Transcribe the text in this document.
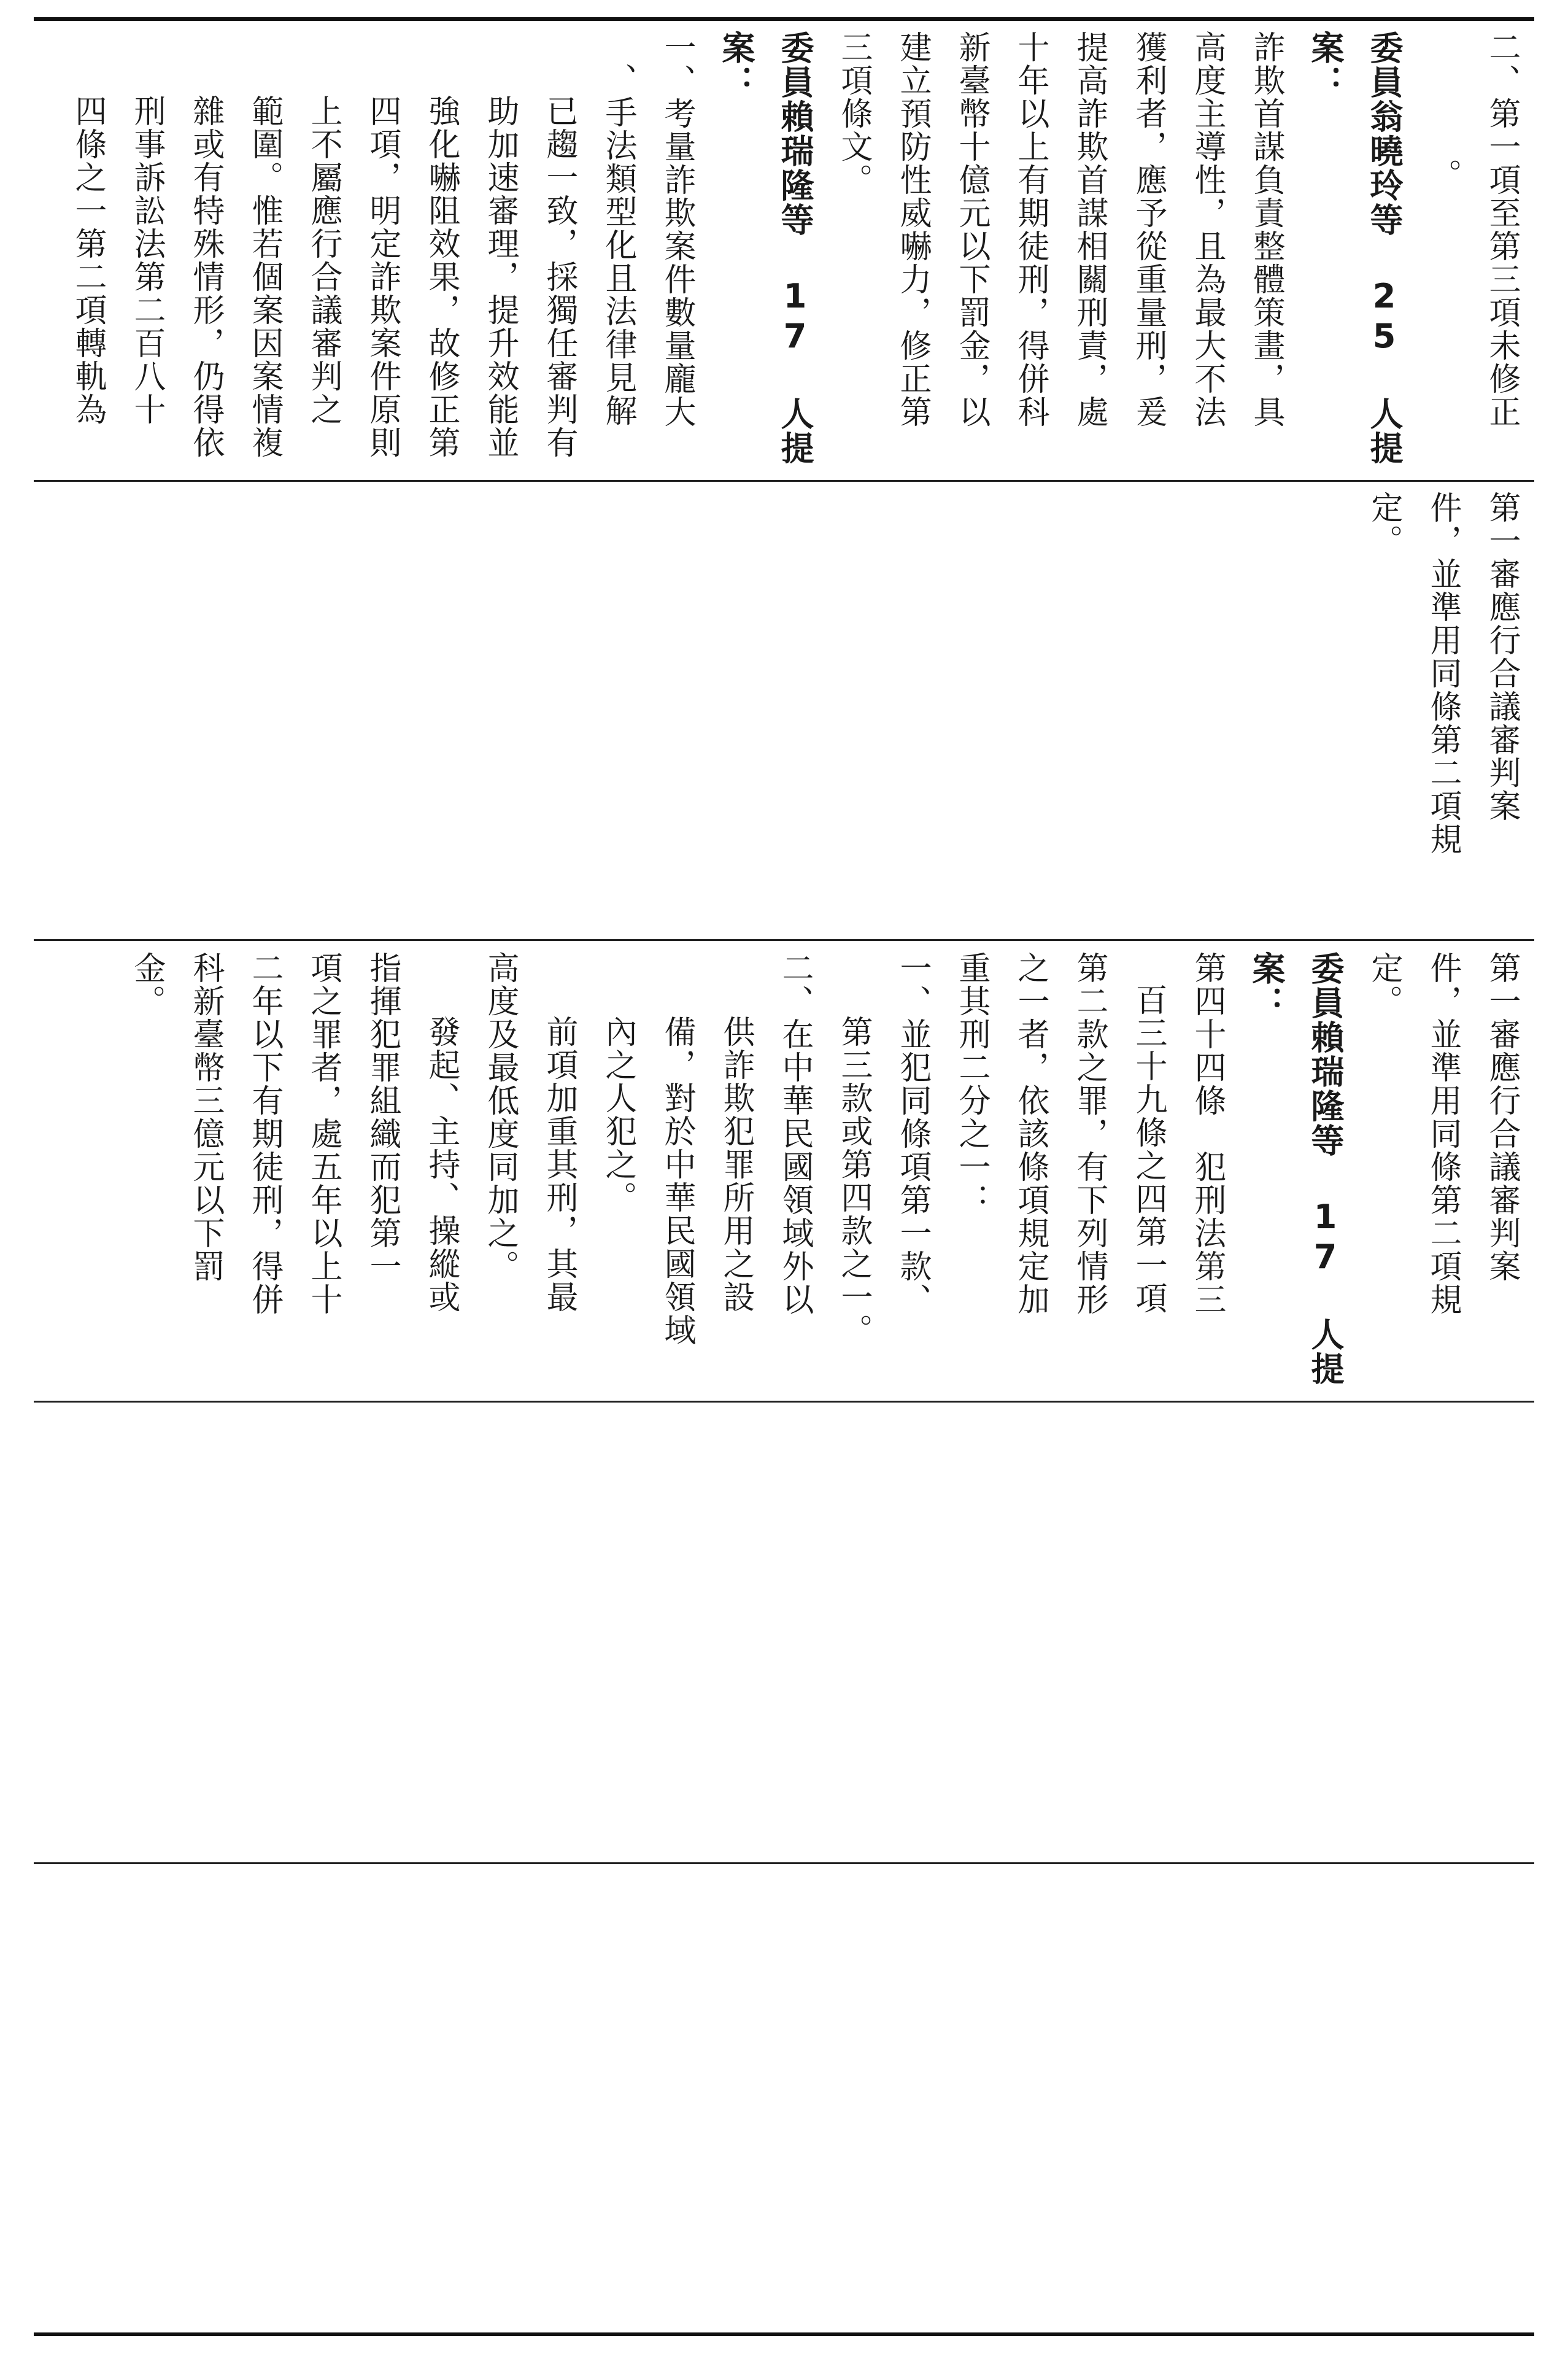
二、第一項至第三項未修正

。

委員翁曉玲等 25 人提案：

詐欺首謀負責整體策畫，具

高度主導性，且為最大不法

獲利者，應予從重量刑，爰

提高詐欺首謀相關刑責，處

十年以上有期徒刑，得併科

新臺幣十億元以下罰金，以

建立預防性威嚇力，修正第

三項條文。

委員賴瑞隆等 17 人提案：

一、考量詐欺案件數量龐大

、手法類型化且法律見解

已趨一致，採獨任審判有

助加速審理，提升效能並

強化嚇阻效果，故修正第

四項，明定詐欺案件原則

上不屬應行合議審判之

範圍。惟若個案因案情複

雜或有特殊情形，仍得依

刑事訴訟法第二百八十

四條之一第二項轉軌為

第一審應行合議審判案

件，並準用同條第二項規

定。

第一審應行合議審判案

件，並準用同條第二項規

定。

委員賴瑞隆等 17 人提案：

第四十四條　犯刑法第三

百三十九條之四第一項

第二款之罪，有下列情形

之一者，依該條項規定加

重其刑二分之一：

一、並犯同條項第一款、

第三款或第四款之一。

二、在中華民國領域外以

供詐欺犯罪所用之設

備，對於中華民國領域

內之人犯之。

前項加重其刑，其最

高度及最低度同加之。

發起、主持、操縱或

指揮犯罪組織而犯第一

項之罪者，處五年以上十

二年以下有期徒刑，得併

科新臺幣三億元以下罰

金。
